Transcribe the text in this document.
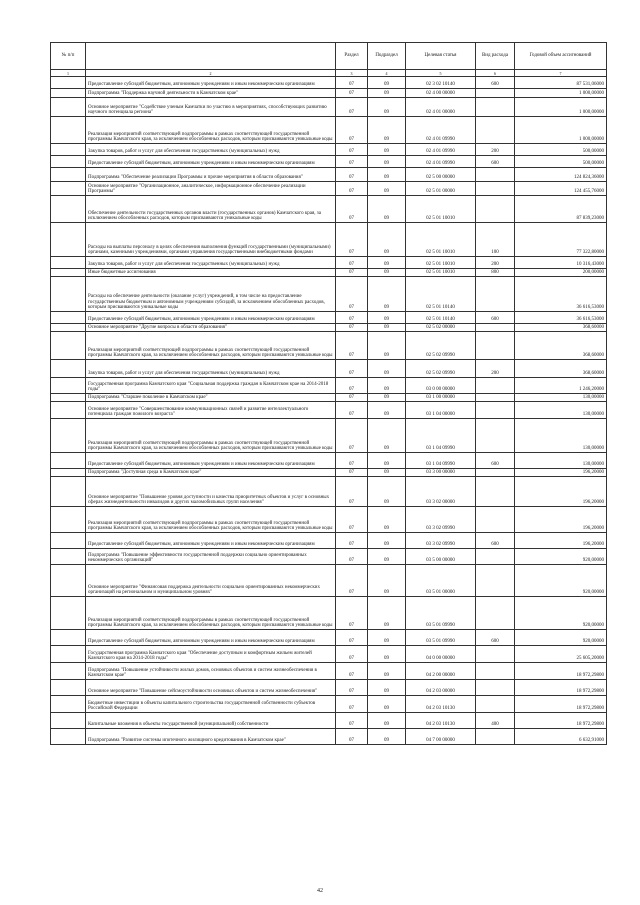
№ п/п		Раздел	Подраздел	Целевая статья	Вид расхода	Годовой объем ассигнований
1	2	3	4	5	6	7
	Предоставление субсидий бюджетным, автономным учреждениям и иным некоммерческим организациям	07	09	02 3 02 10140	600	87 531,06000
	Подпрограмма "Поддержка научной деятельности в Камчатском крае"	07	09	02 4 00 00000		1 000,00000
	Основное мероприятие "Содействие ученым Камчатки по участию в мероприятиях, способствующих развитию научного потенциала региона"	07	09	02 4 01 00000		1 000,00000
	Реализация мероприятий соответствующей подпрограммы в рамках соответствующей государственной программы Камчатского края, за исключением обособленных расходов, которым присваиваются уникальные коды	07	09	02 4 01 09990		1 000,00000
	Закупка товаров, работ и услуг для обеспечения государственных (муниципальных) нужд	07	09	02 4 01 09990	200	500,00000
	Предоставление субсидий бюджетным, автономным учреждениям и иным некоммерческим организациям	07	09	02 4 01 09990	600	500,00000
	Подпрограмма "Обеспечение реализации Программы и прочие мероприятия в области образования"	07	09	02 5 00 00000		124 824,36000
	Основное мероприятие "Организационное, аналитическое, информационное обеспечение реализации Программы"	07	09	02 5 01 00000		124 455,76000
	Обеспечение деятельности государственных органов власти (государственных органов) Камчатского края, за исключением обособленных расходов, которым присваиваются уникальные коды	07	09	02 5 01 10010		87 839,23000
	Расходы на выплаты персоналу в целях обеспечения выполнения функций государственными (муниципальными) органами, казенными учреждениями, органами управления государственными внебюджетными фондами	07	09	02 5 01 10010	100	77 322,80000
	Закупка товаров, работ и услуг для обеспечения государственных (муниципальных) нужд	07	09	02 5 01 10010	200	10 316,43000
	Иные бюджетные ассигнования	07	09	02 5 01 10010	800	200,00000
	Расходы на обеспечение деятельности (оказание услуг) учреждений, в том числе на предоставление государственным бюджетным и автономным учреждениям субсидий, за исключением обособленных расходов, которым присваиваются уникальные коды	07	09	02 5 01 10140		36 616,53000
	Предоставление субсидий бюджетным, автономным учреждениям и иным некоммерческим организациям	07	09	02 5 01 10140	600	36 616,53000
	Основное мероприятие "Другие вопросы в области образования"	07	09	02 5 02 00000		368,60000
	Реализация мероприятий соответствующей подпрограммы в рамках соответствующей государственной программы Камчатского края, за исключением обособленных расходов, которым присваиваются уникальные коды	07	09	02 5 02 09990		368,60000
	Закупка товаров, работ и услуг для обеспечения государственных (муниципальных) нужд	07	09	02 5 02 09990	200	368,60000
	Государственная программа Камчатского края "Социальная поддержка граждан в Камчатском крае на 2014-2018 годы"	07	09	03 0 00 00000		1 246,20000
	Подпрограмма "Старшее поколение в Камчатском крае"	07	09	03 1 00 00000		130,00000
	Основное мероприятие "Совершенствование коммуникационных связей и развитие интеллектуального потенциала граждан пожилого возраста"	07	09	03 1 04 00000		130,00000
	Реализация мероприятий соответствующей подпрограммы в рамках соответствующей государственной программы Камчатского края, за исключением обособленных расходов, которым присваиваются уникальные коды	07	09	03 1 04 09990		130,00000
	Предоставление субсидий бюджетным, автономным учреждениям и иным некоммерческим организациям	07	09	03 1 04 09990	600	130,00000
	Подпрограмма "Доступная среда в Камчатском крае"	07	09	03 3 00 00000		196,20000
	Основное мероприятие "Повышение уровня доступности и качества приоритетных объектов и услуг в основных сферах жизнедеятельности инвалидов и других маломобильных групп населения"	07	09	03 3 02 00000		196,20000
	Реализация мероприятий соответствующей подпрограммы в рамках соответствующей государственной программы Камчатского края, за исключением обособленных расходов, которым присваиваются уникальные коды	07	09	03 3 02 09990		196,20000
	Предоставление субсидий бюджетным, автономным учреждениям и иным некоммерческим организациям	07	09	03 3 02 09990	600	196,20000
	Подпрограмма "Повышение эффективности государственной поддержки социально ориентированных некоммерческих организаций"	07	09	03 5 00 00000		920,00000
	Основное мероприятие "Финансовая поддержка деятельности социально ориентированных некоммерческих организаций на региональном и муниципальном уровнях"	07	09	03 5 01 00000		920,00000
	Реализация мероприятий соответствующей подпрограммы в рамках соответствующей государственной программы Камчатского края, за исключением обособленных расходов, которым присваиваются уникальные коды	07	09	03 5 01 09990		920,00000
	Предоставление субсидий бюджетным, автономным учреждениям и иным некоммерческим организациям	07	09	03 5 01 09990	600	920,00000
	Государственная программа Камчатского края "Обеспечение доступным и комфортным жильем жителей Камчатского края на 2014-2018 годы"	07	09	04 0 00 00000		25 605,20000
	Подпрограмма "Повышение устойчивости жилых домов, основных объектов и систем жизнеобеспечения в Камчатском крае"	07	09	04 2 00 00000		18 972,29800
	Основное мероприятие "Повышение сейсмоустойчивости основных объектов и систем жизнеобеспечения"	07	09	04 2 03 00000		18 972,29800
	Бюджетные инвестиции в объекты капитального строительства государственной собственности субъектов Российской Федерации	07	09	04 2 03 10130		18 972,29800
	Капитальные вложения в объекты государственной (муниципальной) собственности	07	09	04 2 03 10130	400	18 972,29800
	Подпрограмма "Развитие системы ипотечного жилищного кредитования в Камчатском крае"	07	09	04 7 00 00000		6 632,91000
42
